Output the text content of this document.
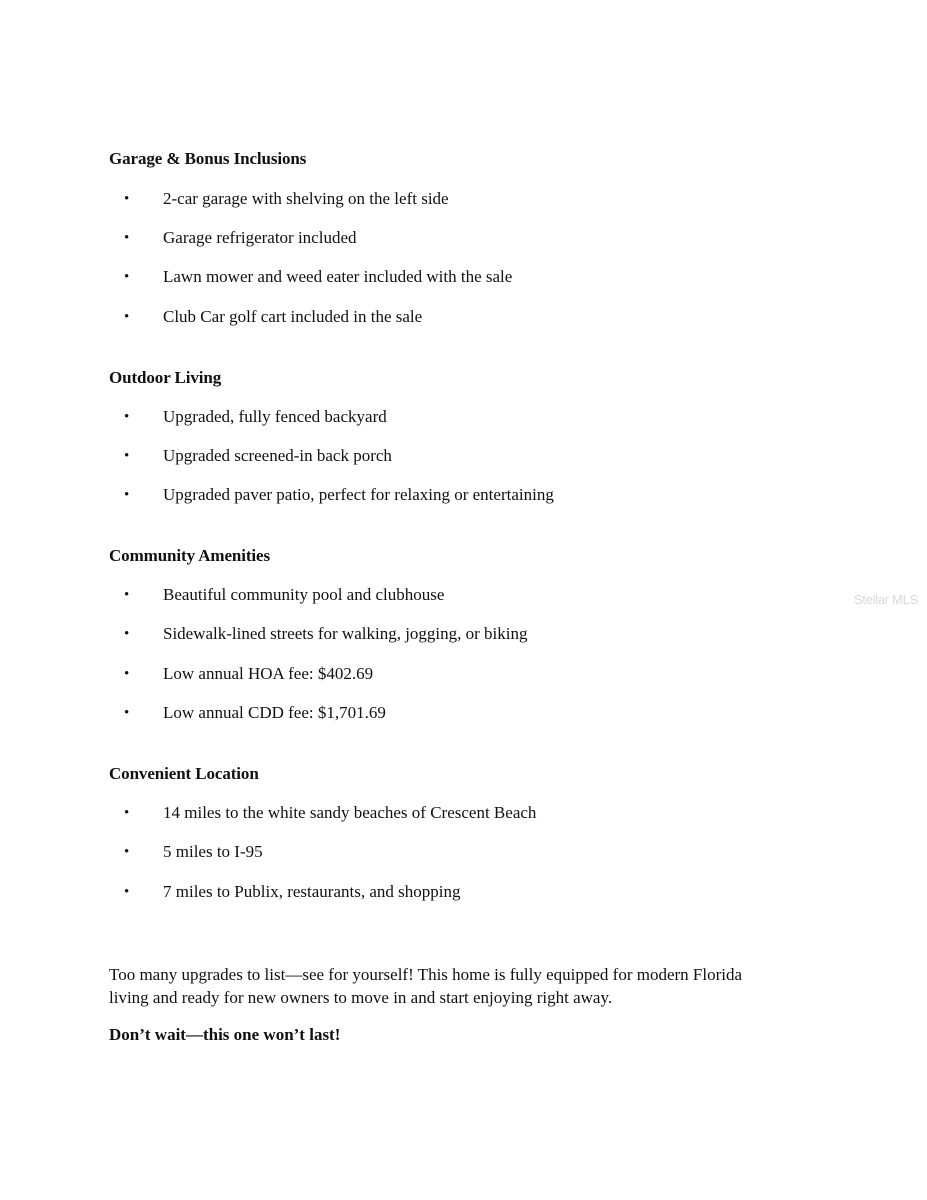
Garage & Bonus Inclusions
• 2-car garage with shelving on the left side
• Garage refrigerator included
• Lawn mower and weed eater included with the sale
• Club Car golf cart included in the sale
Outdoor Living
• Upgraded, fully fenced backyard
• Upgraded screened-in back porch
• Upgraded paver patio, perfect for relaxing or entertaining
Community Amenities
• Beautiful community pool and clubhouse
• Sidewalk-lined streets for walking, jogging, or biking
• Low annual HOA fee: $402.69
• Low annual CDD fee: $1,701.69
Convenient Location
• 14 miles to the white sandy beaches of Crescent Beach
• 5 miles to I-95
• 7 miles to Publix, restaurants, and shopping
Too many upgrades to list—see for yourself! This home is fully equipped for modern Florida
living and ready for new owners to move in and start enjoying right away.
Don’t wait—this one won’t last!
Stellar MLS
